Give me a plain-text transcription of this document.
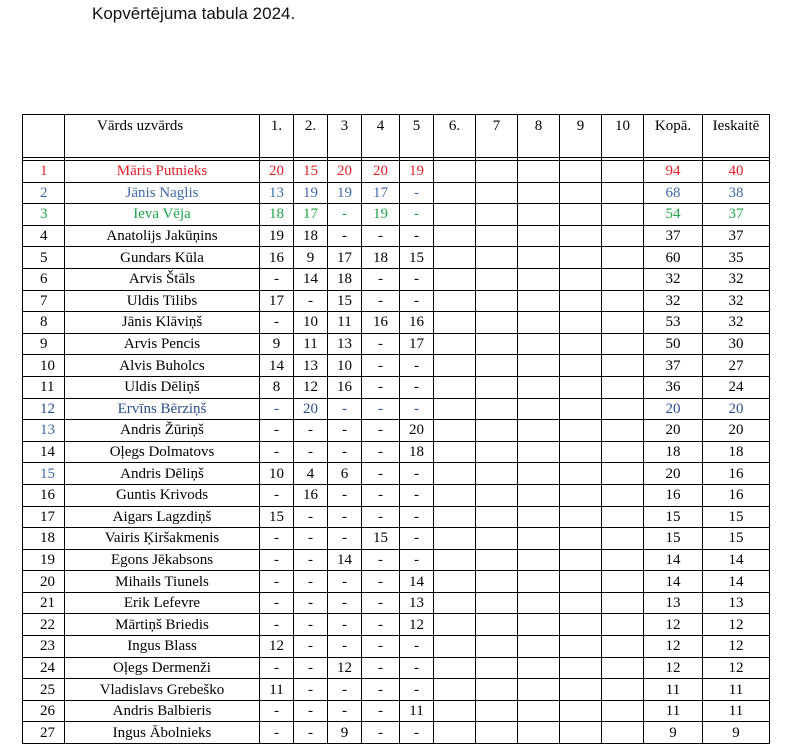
Kopvērtējuma tabula 2024.
	Vārds uzvārds	1.	2.	3	4	5	6.	7	8	9	10	Kopā.	Ieskaitē

1	Māris Putnieks	20	15	20	20	19						94	40
2	Jānis Naglis	13	19	19	17	-						68	38
3	Ieva Vēja	18	17	-	19	-						54	37
4	Anatolijs Jakūņins	19	18	-	-	-						37	37
5	Gundars Kūla	16	9	17	18	15						60	35
6	Arvis Štāls	-	14	18	-	-						32	32
7	Uldis Tilibs	17	-	15	-	-						32	32
8	Jānis Klāviņš	-	10	11	16	16						53	32
9	Arvis Pencis	9	11	13	-	17						50	30
10	Alvis Buholcs	14	13	10	-	-						37	27
11	Uldis Dēliņš	8	12	16	-	-						36	24
12	Ervīns Bērziņš	-	20	-	-	-						20	20
13	Andris Žūriņš	-	-	-	-	20						20	20
14	Oļegs Dolmatovs	-	-	-	-	18						18	18
15	Andris Dēliņš	10	4	6	-	-						20	16
16	Guntis Krivods	-	16	-	-	-						16	16
17	Aigars Lagzdiņš	15	-	-	-	-						15	15
18	Vairis Ķiršakmenis	-	-	-	15	-						15	15
19	Egons Jēkabsons	-	-	14	-	-						14	14
20	Mihails Tiunels	-	-	-	-	14						14	14
21	Erik Lefevre	-	-	-	-	13						13	13
22	Mārtiņš Briedis	-	-	-	-	12						12	12
23	Ingus Blass	12	-	-	-	-						12	12
24	Oļegs Dermenži	-	-	12	-	-						12	12
25	Vladislavs Grebeško	11	-	-	-	-						11	11
26	Andris Balbieris	-	-	-	-	11						11	11
27	Ingus Ābolnieks	-	-	9	-	-						9	9
